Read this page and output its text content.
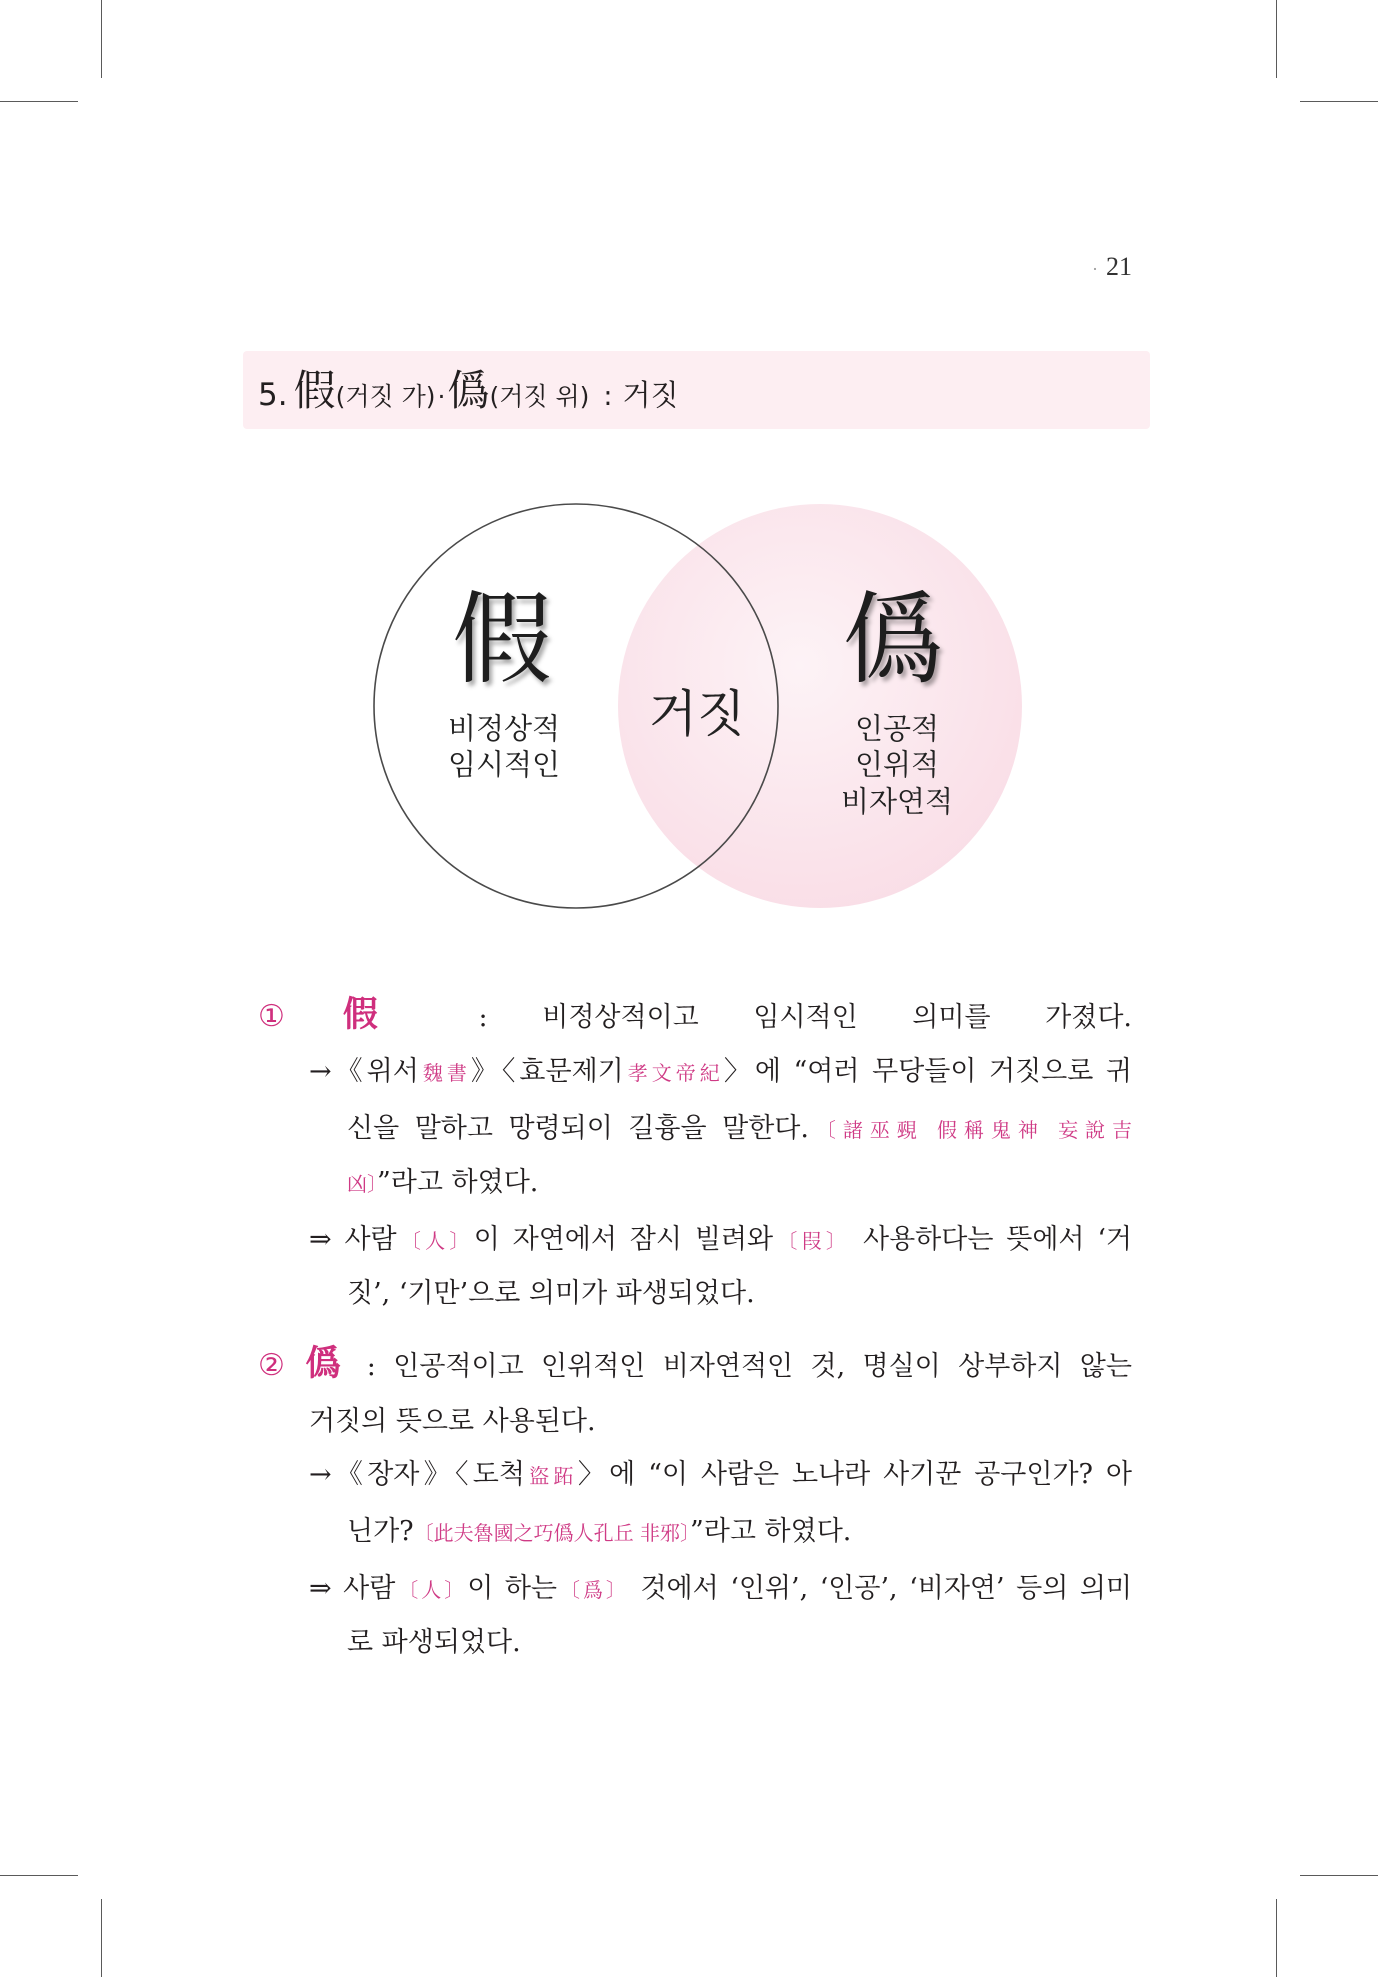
· 21
5. 假(거짓 가)·僞(거짓 위) : 거짓
假
비정상적
임시적인
거짓
僞
인공적
인위적
비자연적
① 假 : 비정상적이고 임시적인 의미를 가졌다.
→《위서魏書》〈효문제기孝文帝紀〉에 “여러 무당들이 거짓으로 귀
신을 말하고 망령되이 길흉을 말한다.〔諸巫覡 假稱鬼神 妄說吉
凶〕”라고 하였다.
⇒ 사람〔人〕이 자연에서 잠시 빌려와〔叚〕 사용하다는 뜻에서 ‘거
짓’, ‘기만’으로 의미가 파생되었다.
② 僞 : 인공적이고 인위적인 비자연적인 것, 명실이 상부하지 않는
거짓의 뜻으로 사용된다.
→《장자》〈도척盜跖〉에 “이 사람은 노나라 사기꾼 공구인가? 아
닌가?〔此夫魯國之巧僞人孔丘 非邪〕”라고 하였다.
⇒ 사람〔人〕이 하는〔爲〕 것에서 ‘인위’, ‘인공’, ‘비자연’ 등의 의미
로 파생되었다.
